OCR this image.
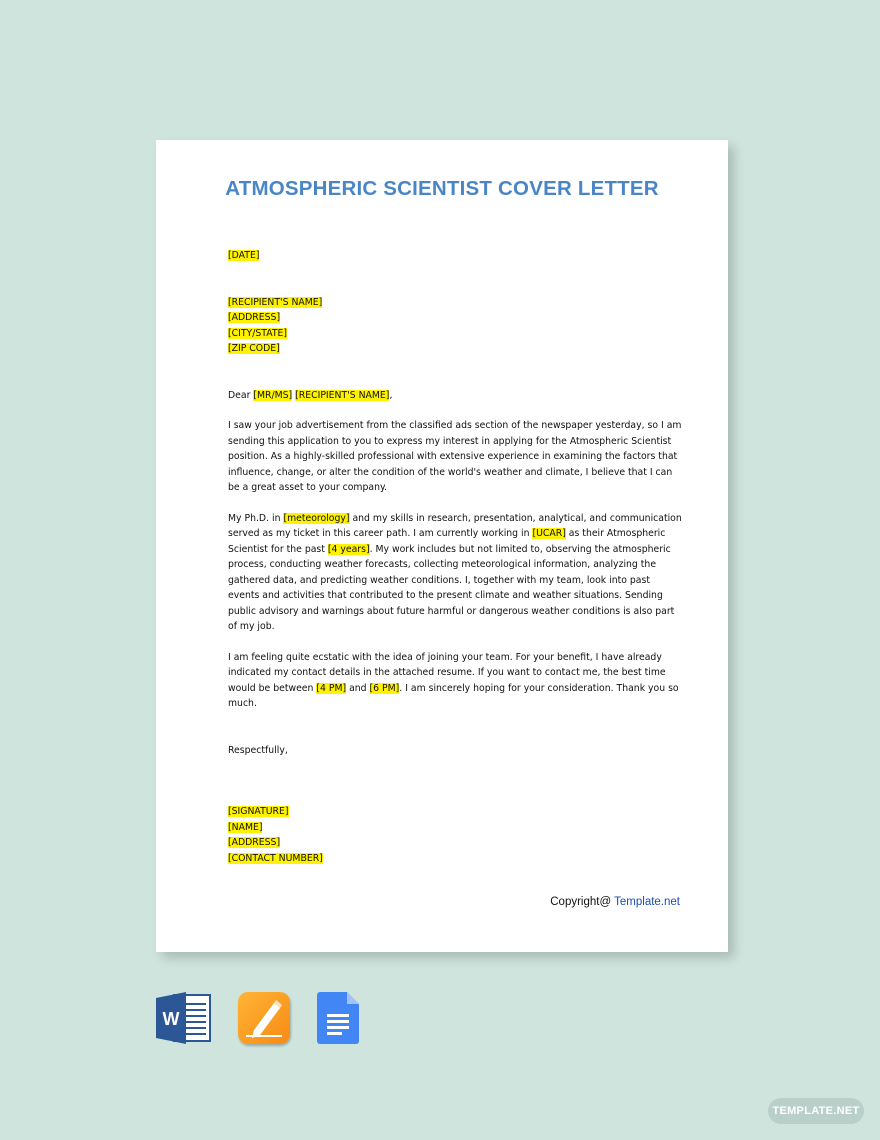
ATMOSPHERIC SCIENTIST COVER LETTER

[DATE]

[RECIPIENT'S NAME]

[ADDRESS]

[CITY/STATE]

[ZIP CODE]

Dear [MR/MS] [RECIPIENT'S NAME],

I saw your job advertisement from the classified ads section of the newspaper yesterday, so I am sending this application to you to express my interest in applying for the Atmospheric Scientist position. As a highly-skilled professional with extensive experience in examining the factors that influence, change, or alter the condition of the world's weather and climate, I believe that I can be a great asset to your company.

My Ph.D. in [meteorology] and my skills in research, presentation, analytical, and communication served as my ticket in this career path. I am currently working in [UCAR] as their Atmospheric Scientist for the past [4 years]. My work includes but not limited to, observing the atmospheric process, conducting weather forecasts, collecting meteorological information, analyzing the gathered data, and predicting weather conditions. I, together with my team, look into past events and activities that contributed to the present climate and weather situations. Sending public advisory and warnings about future harmful or dangerous weather conditions is also part of my job.

I am feeling quite ecstatic with the idea of joining your team. For your benefit, I have already indicated my contact details in the attached resume. If you want to contact me, the best time would be between [4 PM] and [6 PM]. I am sincerely hoping for your consideration. Thank you so much.

Respectfully,

[SIGNATURE]

[NAME]

[ADDRESS]

[CONTACT NUMBER]

Copyright@ Template.net
W
TEMPLATE.NET
